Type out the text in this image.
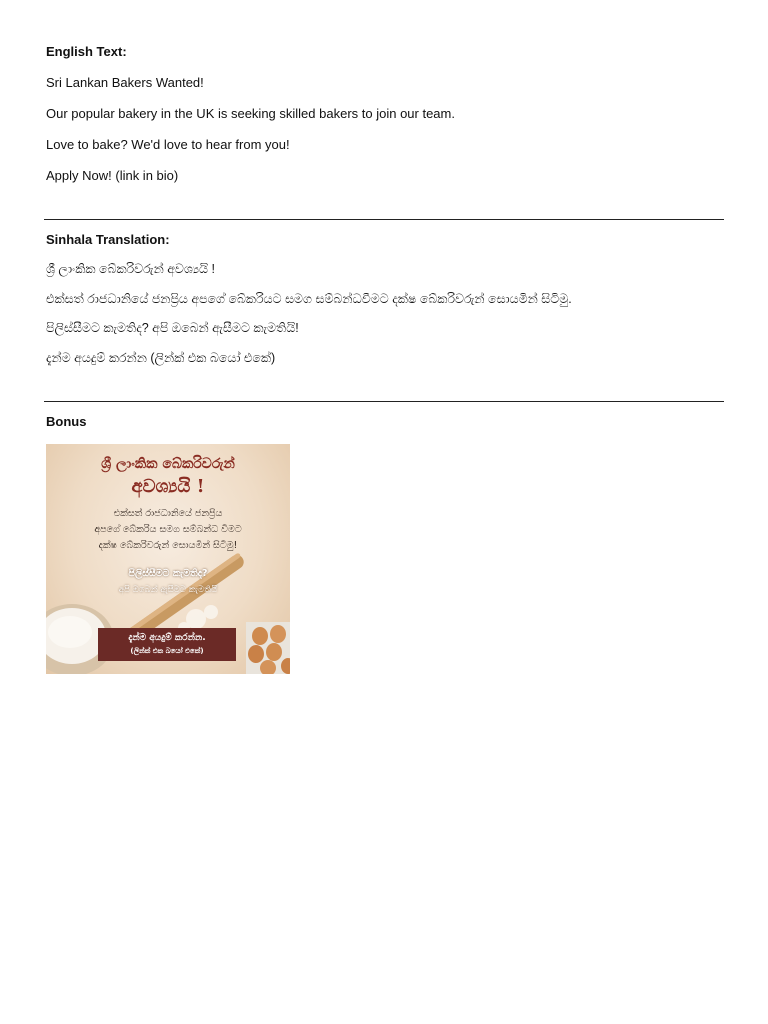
English Text:
Sri Lankan Bakers Wanted!
Our popular bakery in the UK is seeking skilled bakers to join our team.
Love to bake? We'd love to hear from you!
Apply Now! (link in bio)
Sinhala Translation:
ශ්‍රී ලාංකික බේකරිවරුන් අවශ්‍යයි !
එක්සත් රාජධානියේ ජනප්‍රිය අපගේ බේකරියට සමග සම්බන්ධවීමට දක්ෂ බේකරිවරුන් සොයමින් සිටිමු.
පිලිස්සීමට කැමතිද? අපි ඔබෙන් ඇසීමට කැමතියි!
දැන්ම අයදුම් කරන්න (ලින්ක් එක බයෝ එකේ)
Bonus
ශ්‍රී ලාංකික බේකරිවරුන්
අවශ්‍යයි !
එක්සත් රාජධානියේ ජනප්‍රිය
අපගේ බේකරිය සමග සම්බන්ධ වීමට
දක්ෂ බේකරිවරුන් සොයමින් සිටිමු!
පිලිස්සීමට කැමතිද?
අපි ඔබෙන් ඇසීමට කැමතියි
දැන්ම අයදුම් කරන්න.
(ලින්ක් එක බයෝ එකේ)
